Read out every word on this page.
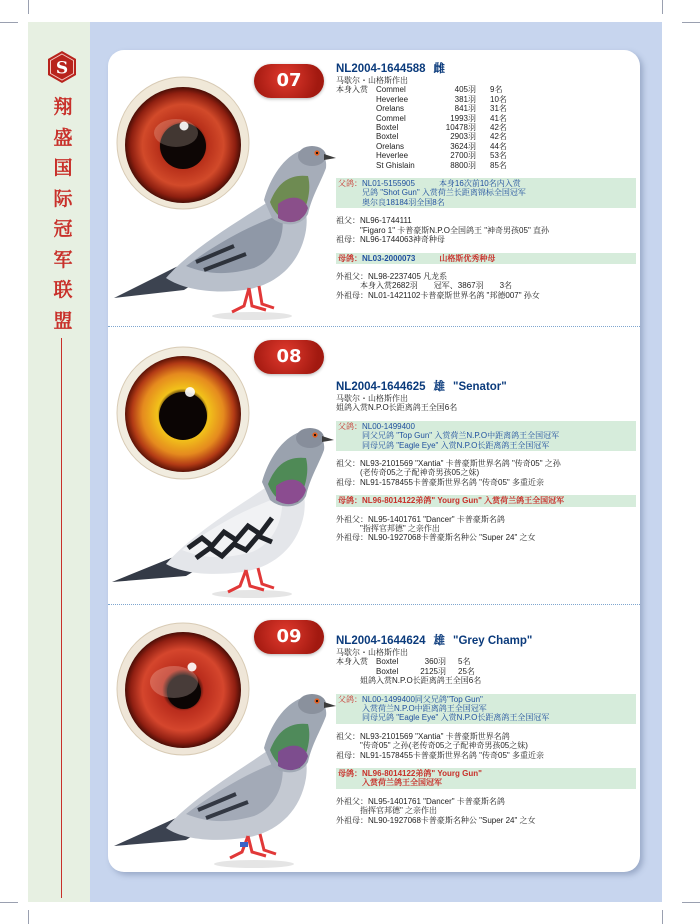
S
翔
盛
国
际
冠
军
联
盟
07
NL2004-1644588 雌
马歇尔・山格斯作出
本身入赏	Commel	405羽	9名
	Heverlee	381羽	10名
	Orelans	841羽	31名
	Commel	1993羽	41名
	Boxtel	10478羽	42名
	Boxtel	2903羽	42名
	Orelans	3624羽	44名
	Heverlee	2700羽	53名
	St Ghislain	8800羽	85名
父鸽：NL01-5155905　　　	本身16次前10名内入赏
兄鸽 "Shot Gun" 入赏荷兰长距离锦标全国冠军
奥尔良18184羽全国8名
祖父：NL96-1744111
"Figaro 1" 卡普豪斯N.P.O全国鸽王 "神奇男孩05" 直孙
祖母：NL96-1744063神奇种母
母鸽：NL03-2000073　　　	山格斯优秀种母
外祖父：NL98-2237405 凡龙系
本身入赏2682羽　　冠军、3867羽　　3名
外祖母：NL01-1421102卡普豪斯世界名鸽 "邦德007" 孙女
08
NL2004-1644625 雄 "Senator"
马歇尔・山格斯作出
姐鸽入赏N.P.O长距离鸽王全国6名
父鸽：NL00-1499400
同父兄鸽 "Top Gun" 入赏荷兰N.P.O中距离鸽王全国冠军
同母兄鸽 "Eagle Eye" 入赏N.P.O长距离鸽王全国冠军
祖父：NL93-2101569 "Xantia" 卡普豪斯世界名鸽 "传奇05" 之孙
(老传奇05之子配神奇男孩05之妹)
祖母：NL91-1578455卡普豪斯世界名鸽 "传奇05" 多重近亲
母鸽：NL96-8014122弟鸽" Yourg Gun" 入赏荷兰鸽王全国冠军
外祖父：NL95-1401761 "Dancer" 卡普豪斯名鸽
"指挥官邦德" 之亲作出
外祖母：NL90-1927068卡普豪斯名种公 "Super 24" 之女
09	NL2004-1644624 雄 "Grey Champ"
马歇尔・山格斯作出
本身入赏	Boxtel	360羽	5名
	Boxtel	2125羽	25名
姐鸽入赏N.P.O长距离鸽王全国6名
父鸽：NL00-1499400同父兄鸽"Top Gun"
入赏荷兰N.P.O中距离鸽王全国冠军
同母兄鸽 "Eagle Eye" 入赏N.P.O长距离鸽王全国冠军
祖父：NL93-2101569 "Xantia" 卡普豪斯世界名鸽
"传奇05" 之孙(老传奇05之子配神奇男孩05之妹)
祖母：NL91-1578455卡普豪斯世界名鸽 "传奇05" 多重近亲
母鸽：NL96-8014122弟鸽" Yourg Gun"
入赏荷兰鸽王全国冠军
外祖父：NL95-1401761 "Dancer" 卡普豪斯名鸽
指挥官邦德" 之亲作出
外祖母：NL90-1927068卡普豪斯名种公 "Super 24" 之女
